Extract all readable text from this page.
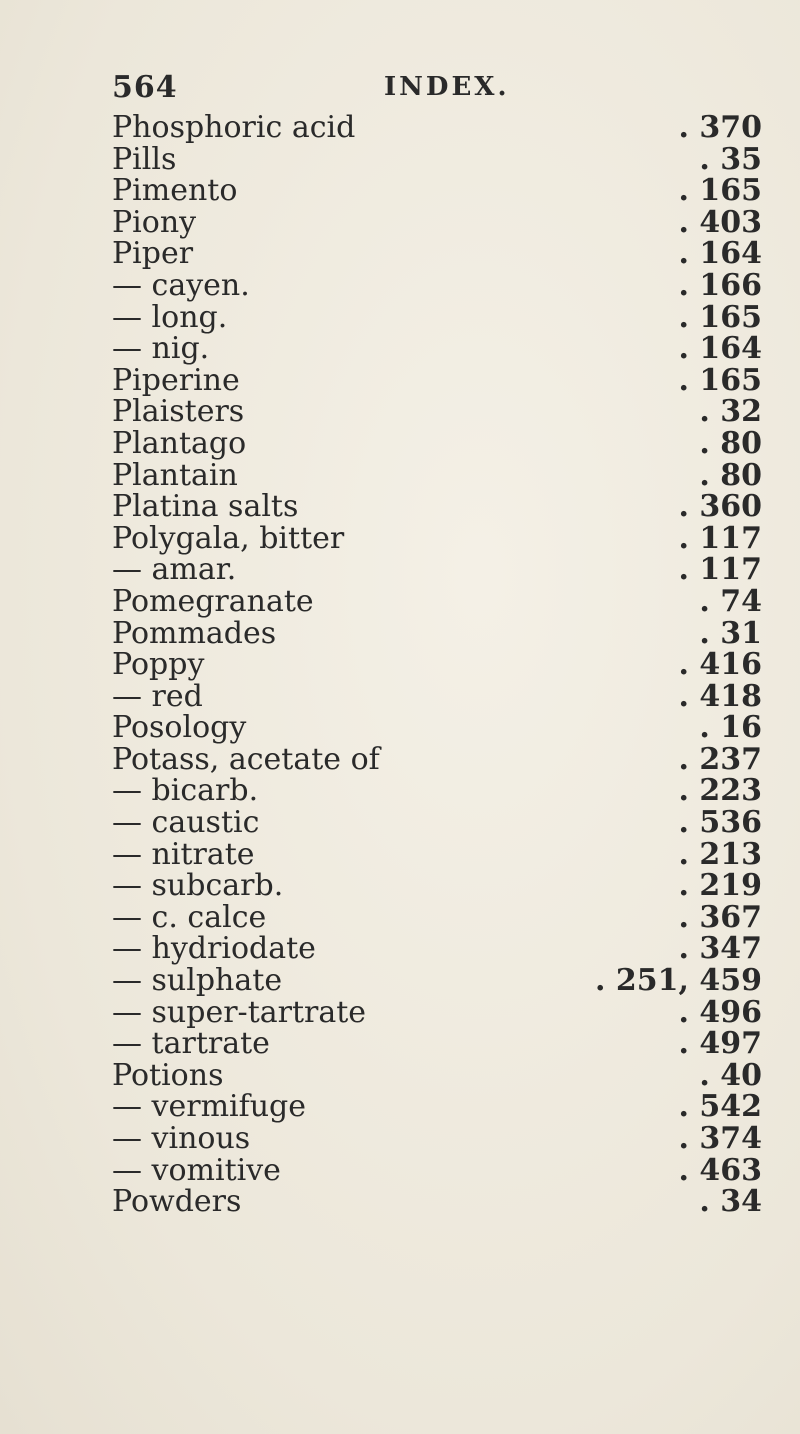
564	INDEX.
Phosphoric acid	. 370
Pills	. 35
Pimento	. 165
Piony	. 403
Piper	. 164
— cayen.	. 166
— long.	. 165
— nig.	. 164
Piperine	. 165
Plaisters	. 32
Plantago	. 80
Plantain	. 80
Platina salts	. 360
Polygala, bitter	. 117
— amar.	. 117
Pomegranate	. 74
Pommades	. 31
Poppy	. 416
— red	. 418
Posology	. 16
Potass, acetate of	. 237
— bicarb.	. 223
— caustic	. 536
— nitrate	. 213
— subcarb.	. 219
— c. calce	. 367
— hydriodate	. 347
— sulphate	. 251, 459
— super-tartrate	. 496
— tartrate	. 497
Potions	. 40
— vermifuge	. 542
— vinous	. 374
— vomitive	. 463
Powders	. 34
